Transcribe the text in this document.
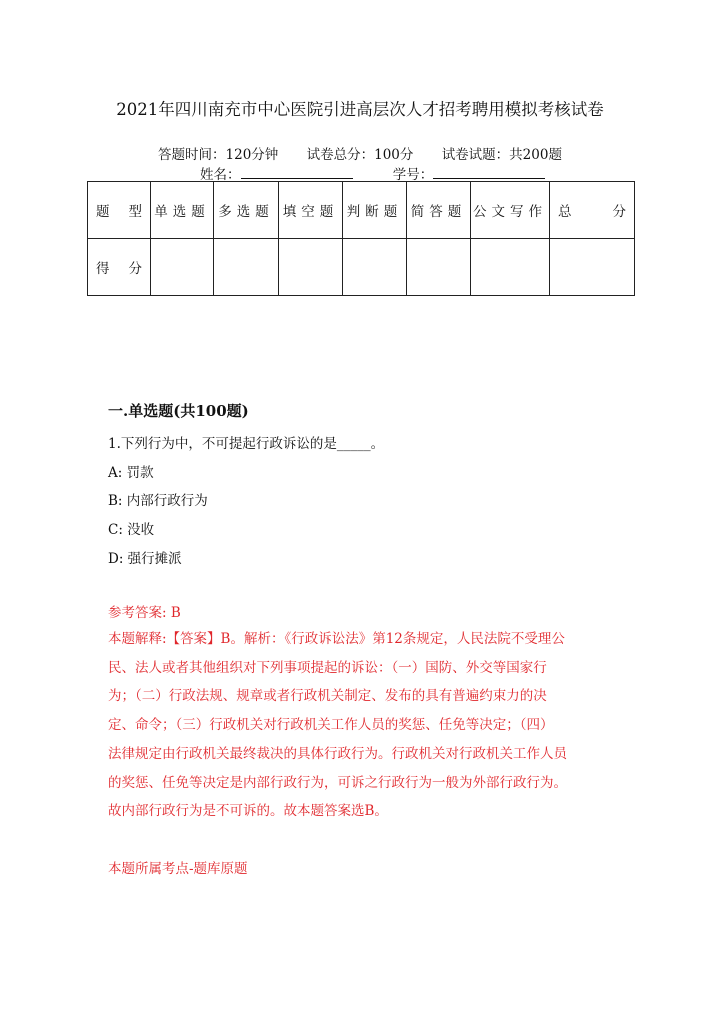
2021年四川南充市中心医院引进高层次人才招考聘用模拟考核试卷
答题时间：120分钟 试卷总分：100分 试卷试题：共200题
姓名：	学号：
题 型	单选题	多选题	填空题	判断题	简答题	公文写作	总 分

得 分							

一.单选题(共100题)
1.下列行为中，不可提起行政诉讼的是_____。
A: 罚款
B: 内部行政行为
C: 没收
D: 强行摊派
参考答案: B
本题解释:【答案】B。解析：《行政诉讼法》第12条规定，人民法院不受理公
民、法人或者其他组织对下列事项提起的诉讼：（一）国防、外交等国家行
为；（二）行政法规、规章或者行政机关制定、发布的具有普遍约束力的决
定、命令；（三）行政机关对行政机关工作人员的奖惩、任免等决定；（四）
法律规定由行政机关最终裁决的具体行政行为。行政机关对行政机关工作人员
的奖惩、任免等决定是内部行政行为，可诉之行政行为一般为外部行政行为。
故内部行政行为是不可诉的。故本题答案选B。
本题所属考点-题库原题
